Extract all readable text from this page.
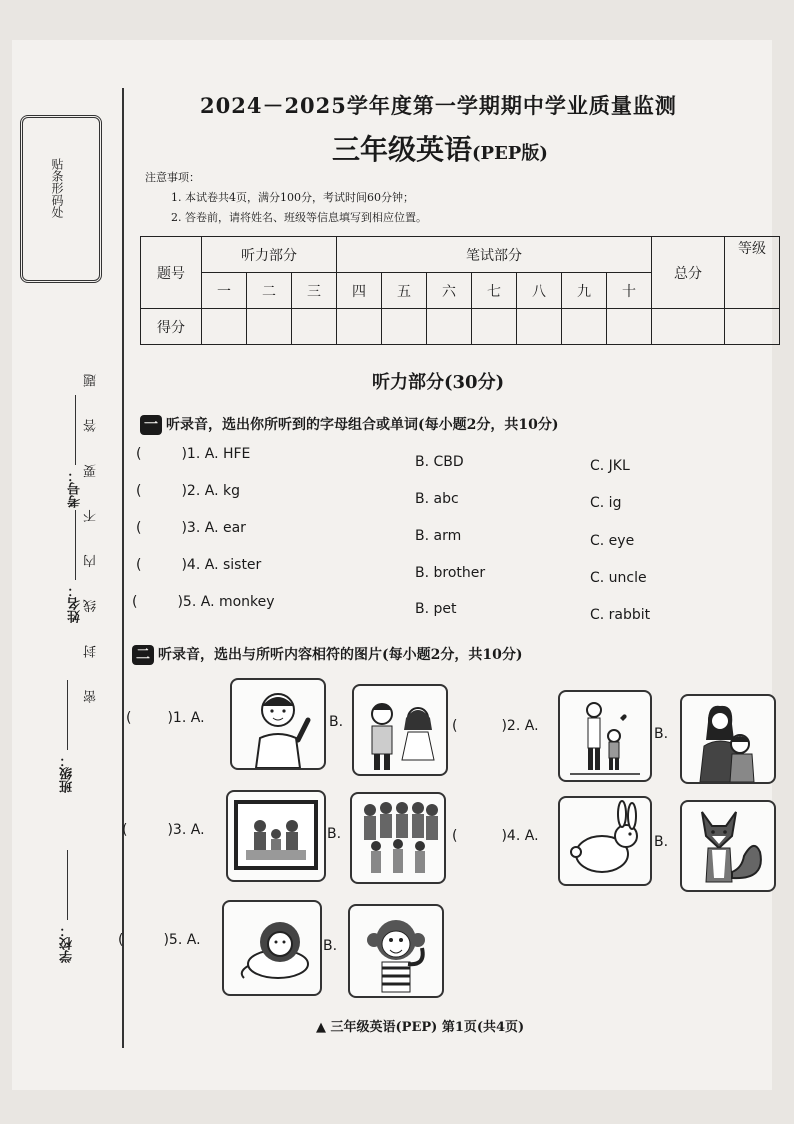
贴条形码处
密 封 线 内 不 要 答 题
考号：
姓名：
班级：
学校：
2024－2025学年度第一学期期中学业质量监测
三年级英语(PEP版)
注意事项：
1. 本试卷共4页，满分100分，考试时间60分钟；
2. 答卷前，请将姓名、班级等信息填写到相应位置。
题号	听力部分			笔试部分							总分	等级
	一	二	三	四	五	六	七	八	九	十		
得分												
听力部分(30分)
一 听录音，选出你所听到的字母组合或单词(每小题2分，共10分)
(	)1. A. HFE	B. CBD	C. JKL
(	)2. A. kg	B. abc	C. ig
(	)3. A. ear	B. arm	C. eye
(	)4. A. sister	B. brother	C. uncle
(	)5. A. monkey	B. pet	C. rabbit
二 听录音，选出与所听内容相符的图片(每小题2分，共10分)
(	)1. A.	B.	(	)2. A.	B.
(	)3. A.	B.	(	)4. A.	B.
(	)5. A.	B.
▲ 三年级英语(PEP) 第1页(共4页)
